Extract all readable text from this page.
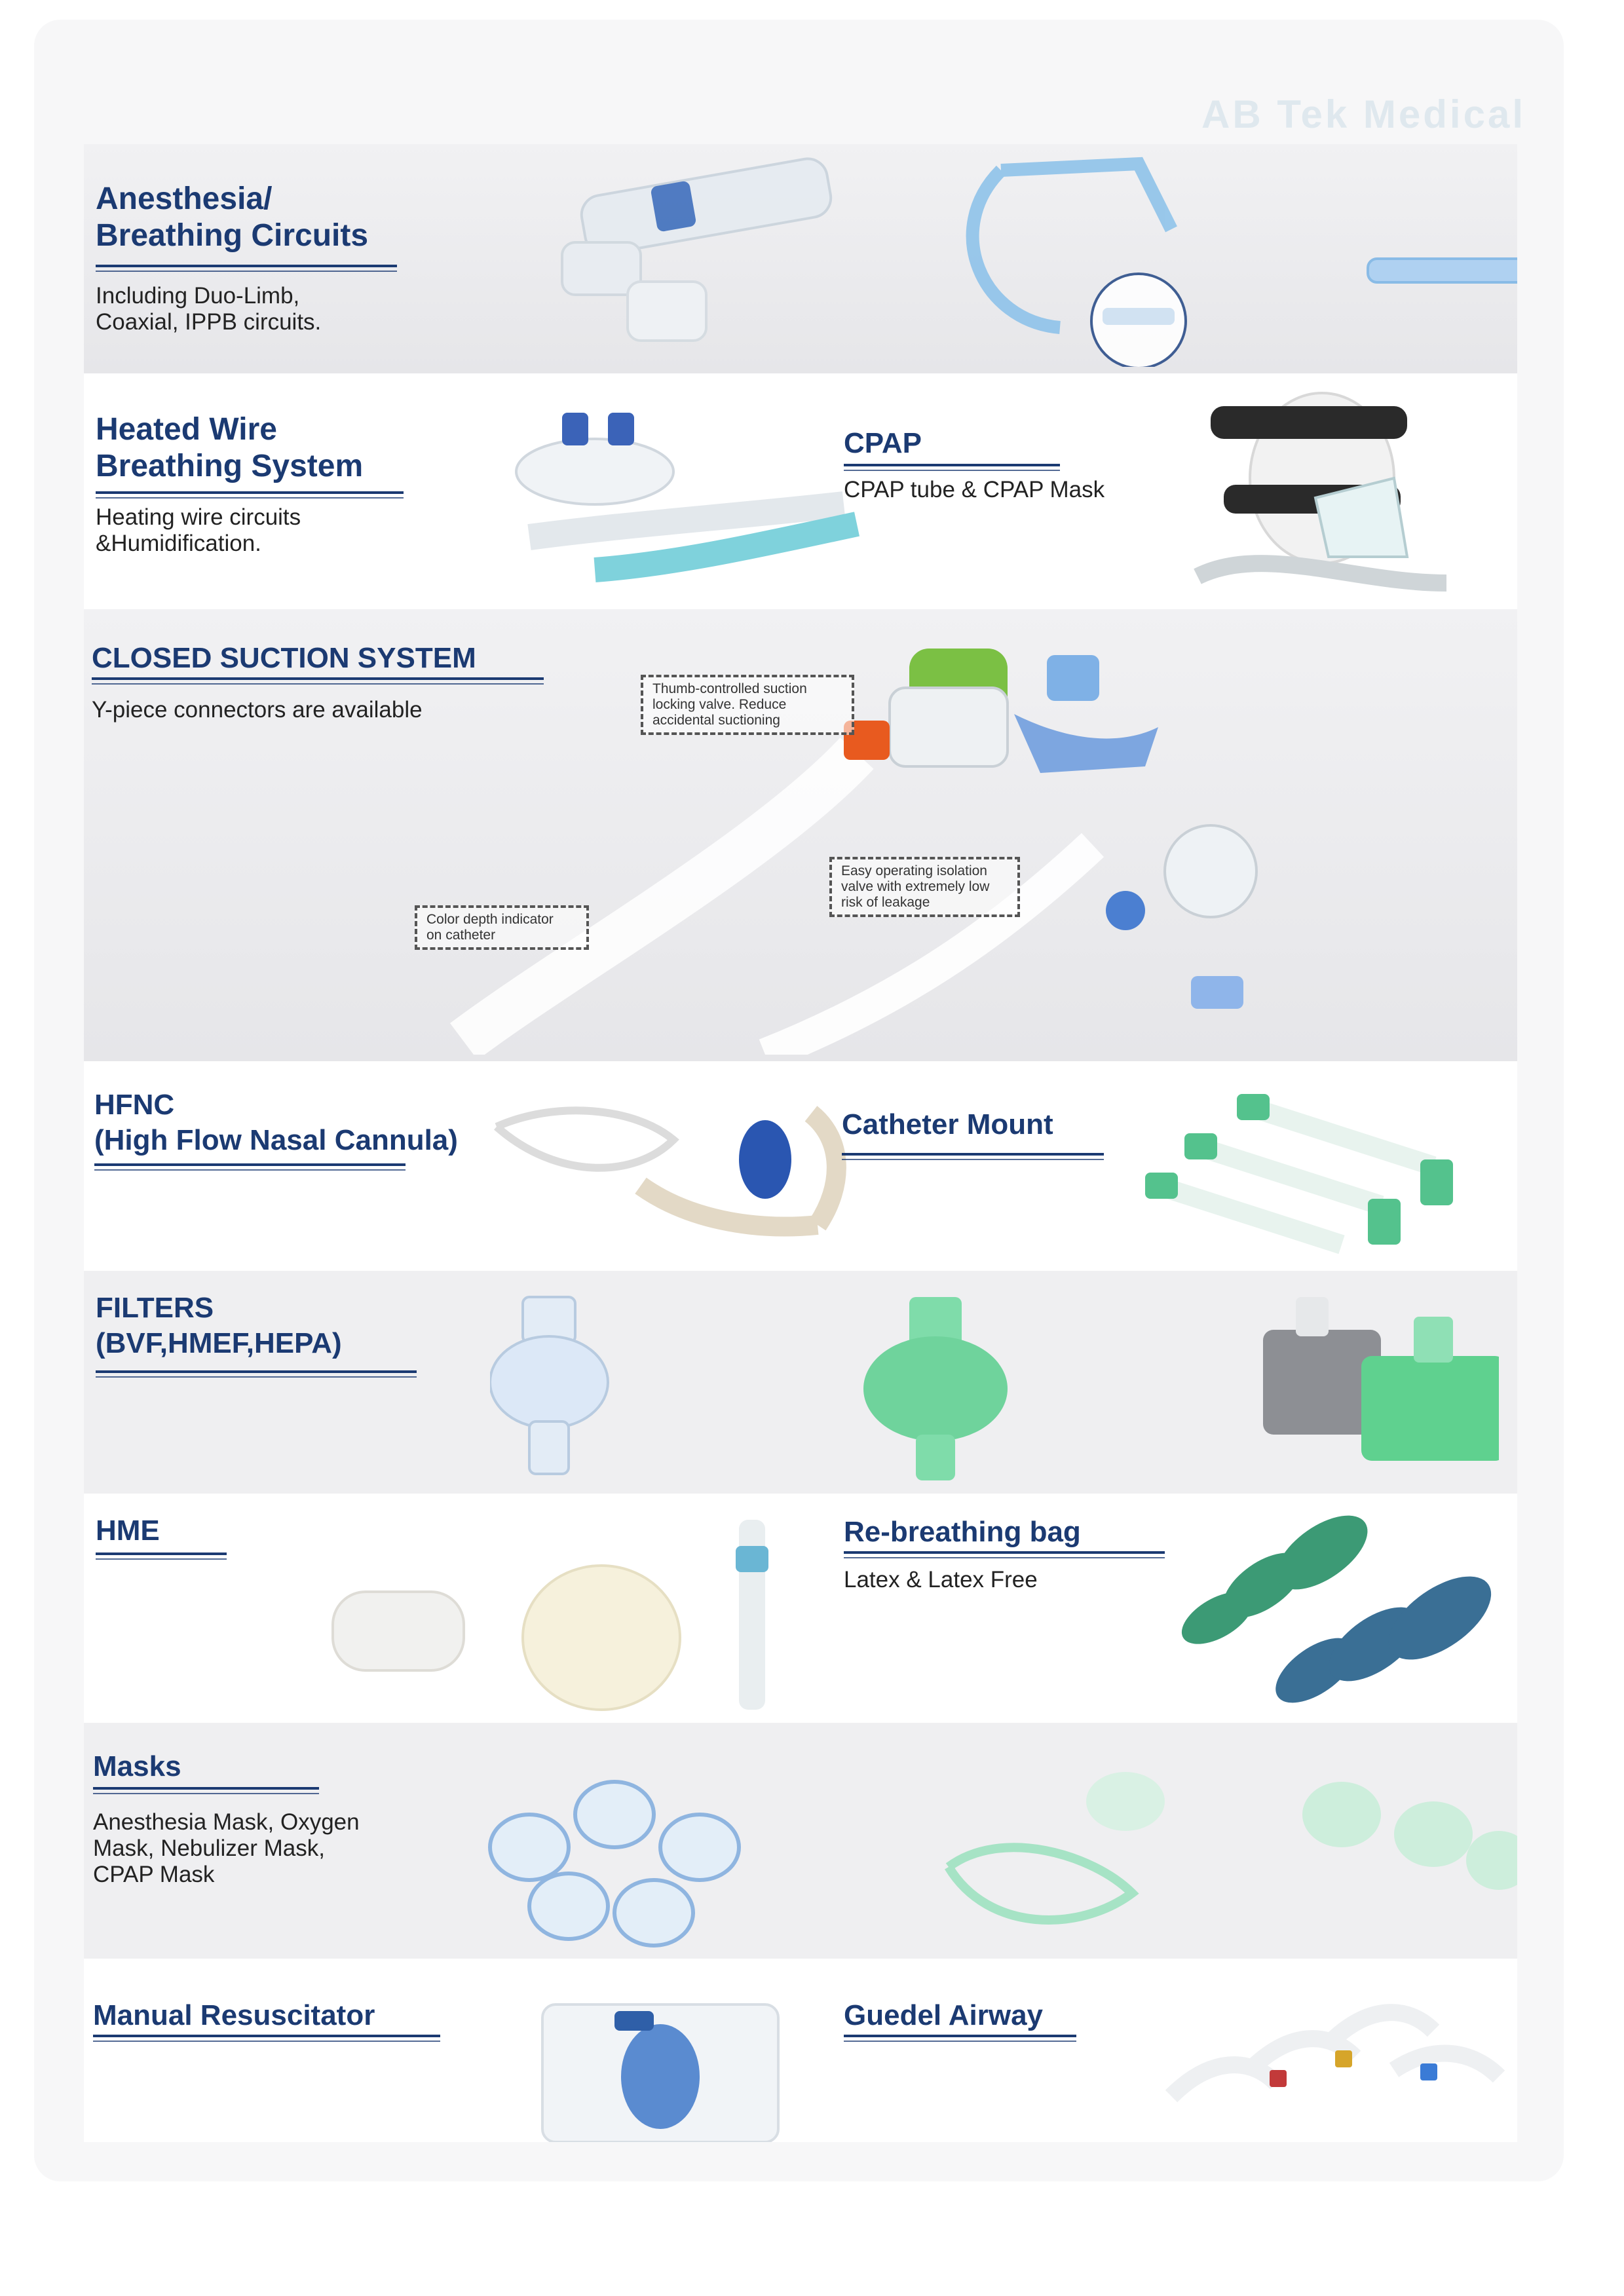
AB Tek Medical
Anesthesia/
Breathing Circuits
Including Duo-Limb,
Coaxial, IPPB circuits.
Heated Wire
Breathing System
Heating wire circuits
&Humidification.
CPAP
CPAP tube & CPAP Mask
CLOSED SUCTION SYSTEM
Y-piece connectors are available
Thumb-controlled suction
locking valve. Reduce
accidental suctioning
Easy operating isolation
valve with extremely low
risk of leakage
Color depth indicator
on catheter
HFNC
(High Flow Nasal Cannula)	Catheter Mount
FILTERS
(BVF,HMEF,HEPA)
HME	Re-breathing bag
Latex & Latex Free
Masks
Anesthesia Mask, Oxygen
Mask, Nebulizer Mask,
CPAP Mask
Manual Resuscitator	Guedel Airway
